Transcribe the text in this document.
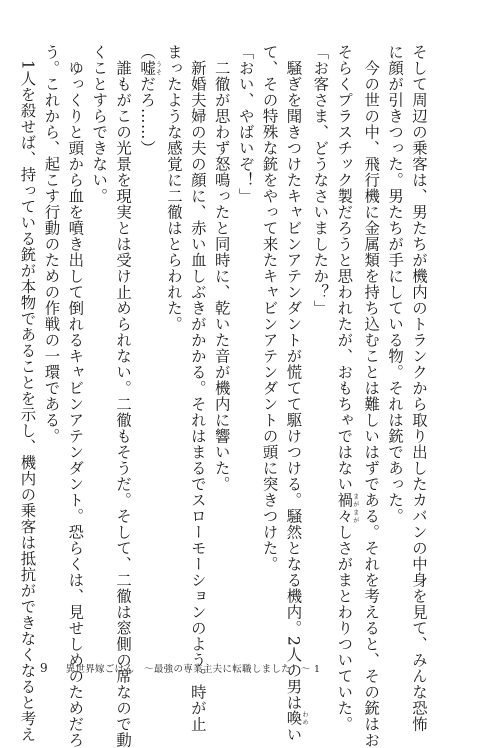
そして周辺の乗客は、男たちが機内のトランクから取り出したカバンの中身を見て、みんな恐怖
に顔が引きつった。男たちが手にしている物。それは銃であった。
　今の世の中、飛行機に金属類を持ち込むことは難しいはずである。それを考えると、その銃はお
そらくプラスチック製だろうと思われたが、おもちゃではない禍々まがまがしさがまとわりついていた。
「お客さま、どうなさいましたか？」
　騒ぎを聞きつけたキャビンアテンダントが慌てて駆けつける。騒然となる機内。2人の男は喚わめい
て、その特殊な銃をやって来たキャビンアテンダントの頭に突きつけた。
「おい、やばいぞ！」
　二徹が思わず怒鳴ったと同時に、乾いた音が機内に響いた。
　新婚夫婦の夫の顔に、赤い血しぶきがかかる。それはまるでスローモーションのよう。時が止
まったような感覚に二徹はとらわれた。
（嘘うそだろ……）
　誰もがこの光景を現実とは受け止められない。二徹もそうだ。そして、二徹は窓側の席なので動
くことすらできない。
　ゆっくりと頭から血を噴き出して倒れるキャビンアテンダント。恐らくは、見せしめのためだろ
う。これから、起こす行動のための作戦の一環である。
　1人を殺せば、持っている銃が本物であることを示し、機内の乗客は抵抗ができなくなると考え 9 異世界嫁ごはん　～最強の専業主夫に転職しました！～ 1
